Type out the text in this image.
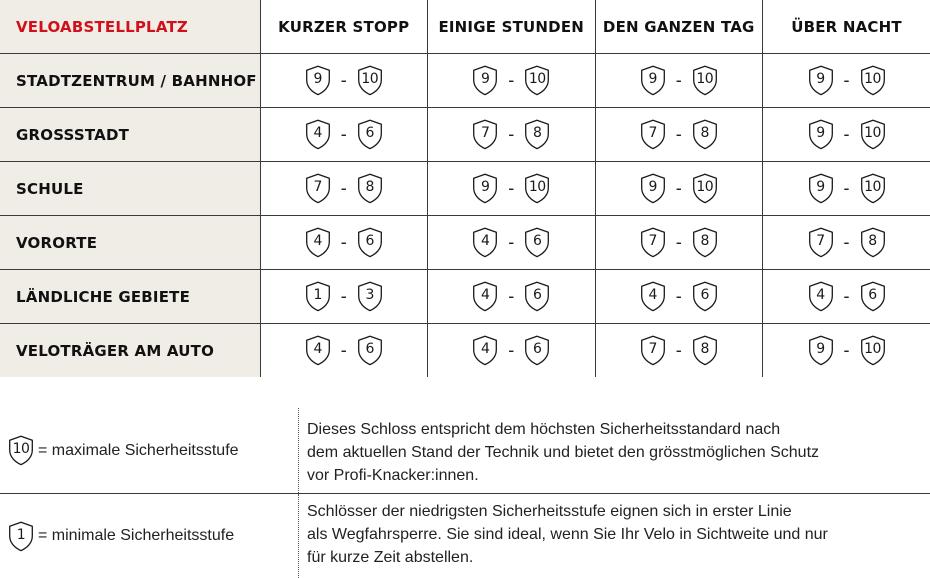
VELOABSTELLPLATZ	KURZER STOPP	EINIGE STUNDEN	DEN GANZEN TAG	ÜBER NACHT
STADTZENTRUM / BAHNHOF	9 - 10	9 - 10	9 - 10	9 - 10

GROSSSTADT	4 - 6	7 - 8	7 - 8	9 - 10

SCHULE	7 - 8	9 - 10	9 - 10	9 - 10

VORORTE	4 - 6	4 - 6	7 - 8	7 - 8

LÄNDLICHE GEBIETE	1 - 3	4 - 6	4 - 6	4 - 6

VELOTRÄGER AM AUTO	4 - 6	4 - 6	7 - 8	9 - 10
10 = maximale Sicherheitsstufe

Dieses Schloss entspricht dem höchsten Sicherheitsstandard nach

dem aktuellen Stand der Technik und bietet den grösstmöglichen Schutz

vor Profi-Knacker:innen.

1 = minimale Sicherheitsstufe

Schlösser der niedrigsten Sicherheitsstufe eignen sich in erster Linie

als Wegfahrsperre. Sie sind ideal, wenn Sie Ihr Velo in Sichtweite und nur

für kurze Zeit abstellen.
